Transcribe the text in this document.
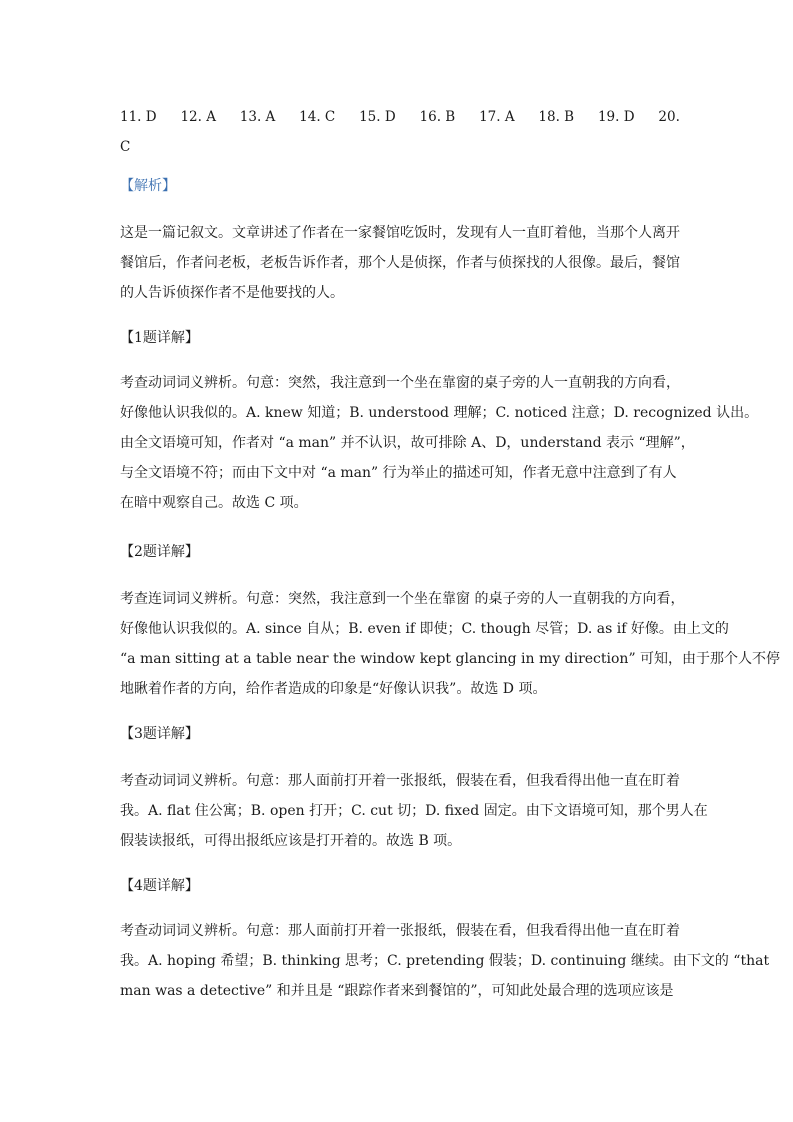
11. D 12. A 13. A 14. C 15. D 16. B 17. A 18. B 19. D 20.
C
【解析】

这是一篇记叙文。文章讲述了作者在一家餐馆吃饭时，发现有人一直盯着他，当那个人离开

餐馆后，作者问老板，老板告诉作者，那个人是侦探，作者与侦探找的人很像。最后，餐馆

的人告诉侦探作者不是他要找的人。

【1题详解】

考查动词词义辨析。句意：突然，我注意到一个坐在靠窗的桌子旁的人一直朝我的方向看，

好像他认识我似的。A. knew 知道；B. understood 理解；C. noticed 注意；D. recognized 认出。

由全文语境可知，作者对 “a man” 并不认识，故可排除 A、D，understand 表示 “理解”，

与全文语境不符；而由下文中对 “a man” 行为举止的描述可知，作者无意中注意到了有人

在暗中观察自己。故选 C 项。

【2题详解】

考查连词词义辨析。句意：突然，我注意到一个坐在靠窗 的桌子旁的人一直朝我的方向看，

好像他认识我似的。A. since 自从；B. even if 即使；C. though 尽管；D. as if 好像。由上文的

“a man sitting at a table near the window kept glancing in my direction” 可知，由于那个人不停

地瞅着作者的方向，给作者造成的印象是“好像认识我”。故选 D 项。

【3题详解】

考查动词词义辨析。句意：那人面前打开着一张报纸，假装在看，但我看得出他一直在盯着

我。A. flat 住公寓；B. open 打开；C. cut 切；D. fixed 固定。由下文语境可知，那个男人在

假装读报纸，可得出报纸应该是打开着的。故选 B 项。

【4题详解】

考查动词词义辨析。句意：那人面前打开着一张报纸，假装在看，但我看得出他一直在盯着

我。A. hoping 希望；B. thinking 思考；C. pretending 假装；D. continuing 继续。由下文的 “that

man was a detective” 和并且是 “跟踪作者来到餐馆的”，可知此处最合理的选项应该是
